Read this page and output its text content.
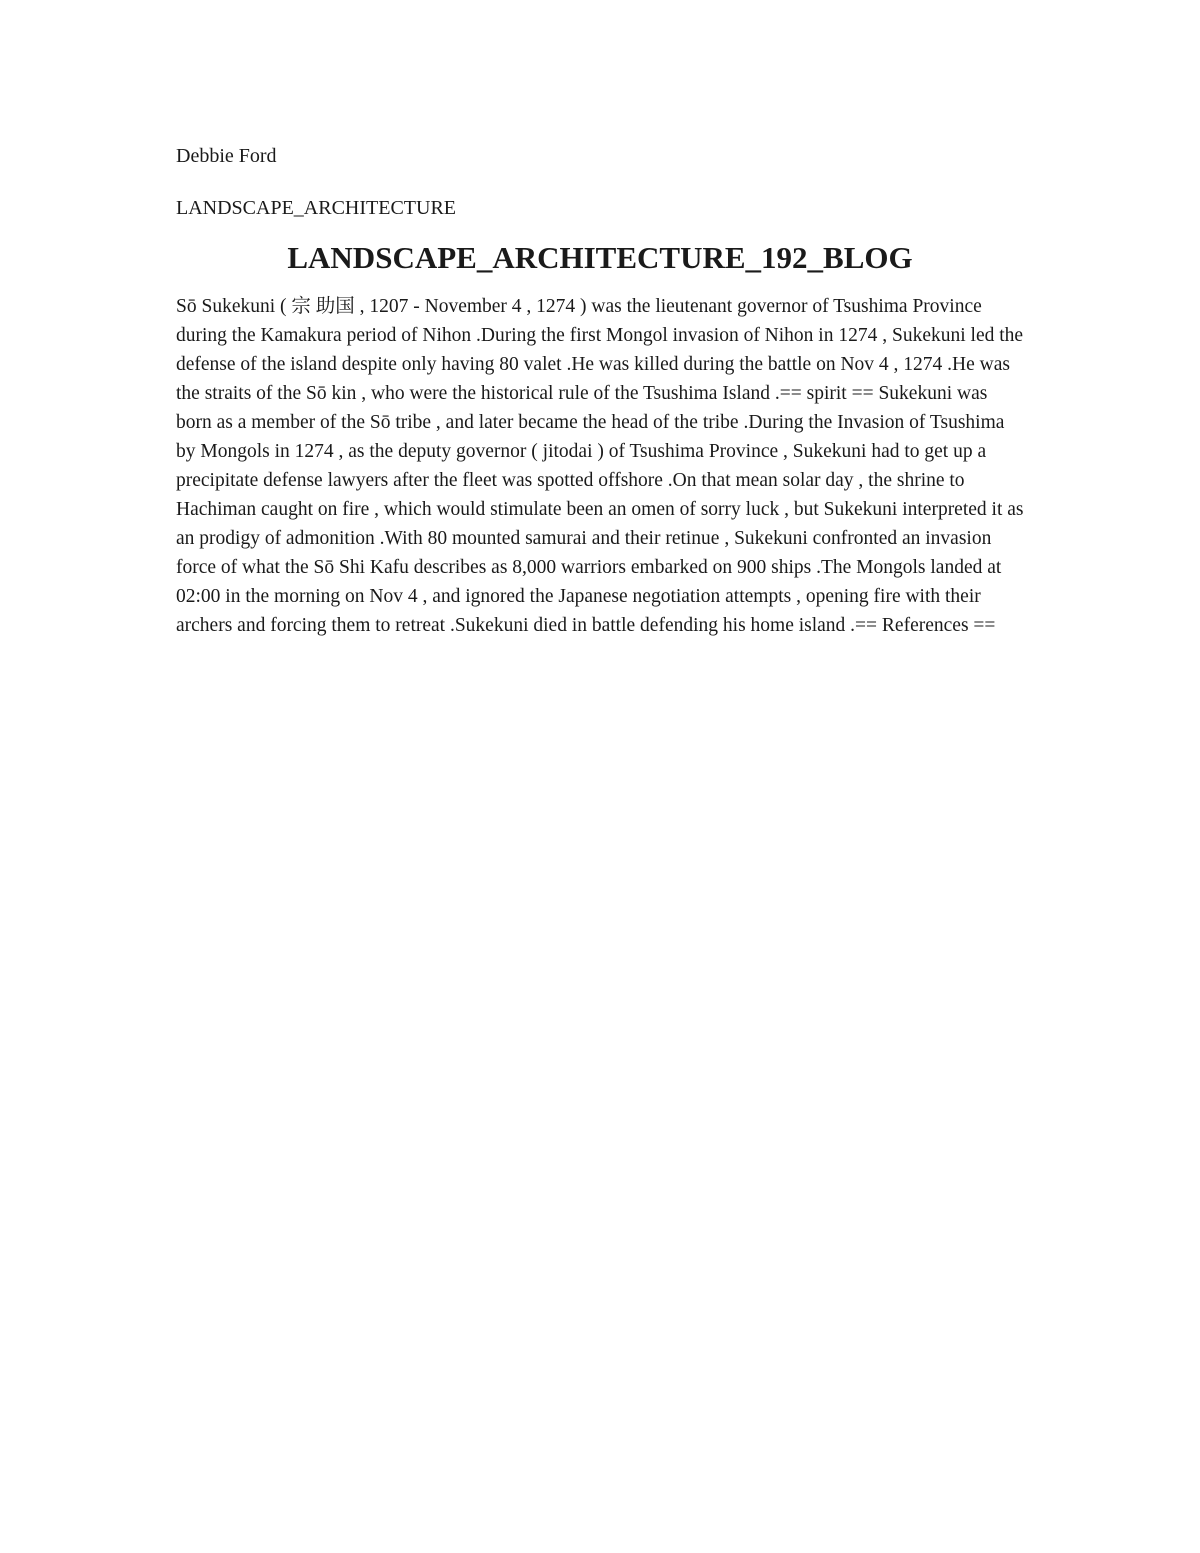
Debbie Ford
LANDSCAPE_ARCHITECTURE
LANDSCAPE_ARCHITECTURE_192_BLOG

Sō Sukekuni ( 宗 助国 , 1207 - November 4 , 1274 ) was the lieutenant governor of Tsushima Province during the Kamakura period of Nihon .During the first Mongol invasion of Nihon in 1274 , Sukekuni led the defense of the island despite only having 80 valet .He was killed during the battle on Nov 4 , 1274 .He was the straits of the Sō kin , who were the historical rule of the Tsushima Island .== spirit == Sukekuni was born as a member of the Sō tribe , and later became the head of the tribe .During the Invasion of Tsushima by Mongols in 1274 , as the deputy governor ( jitodai ) of Tsushima Province , Sukekuni had to get up a precipitate defense lawyers after the fleet was spotted offshore .On that mean solar day , the shrine to Hachiman caught on fire , which would stimulate been an omen of sorry luck , but Sukekuni interpreted it as an prodigy of admonition .With 80 mounted samurai and their retinue , Sukekuni confronted an invasion force of what the Sō Shi Kafu describes as 8,000 warriors embarked on 900 ships .The Mongols landed at 02:00 in the morning on Nov 4 , and ignored the Japanese negotiation attempts , opening fire with their archers and forcing them to retreat .Sukekuni died in battle defending his home island .== References ==
